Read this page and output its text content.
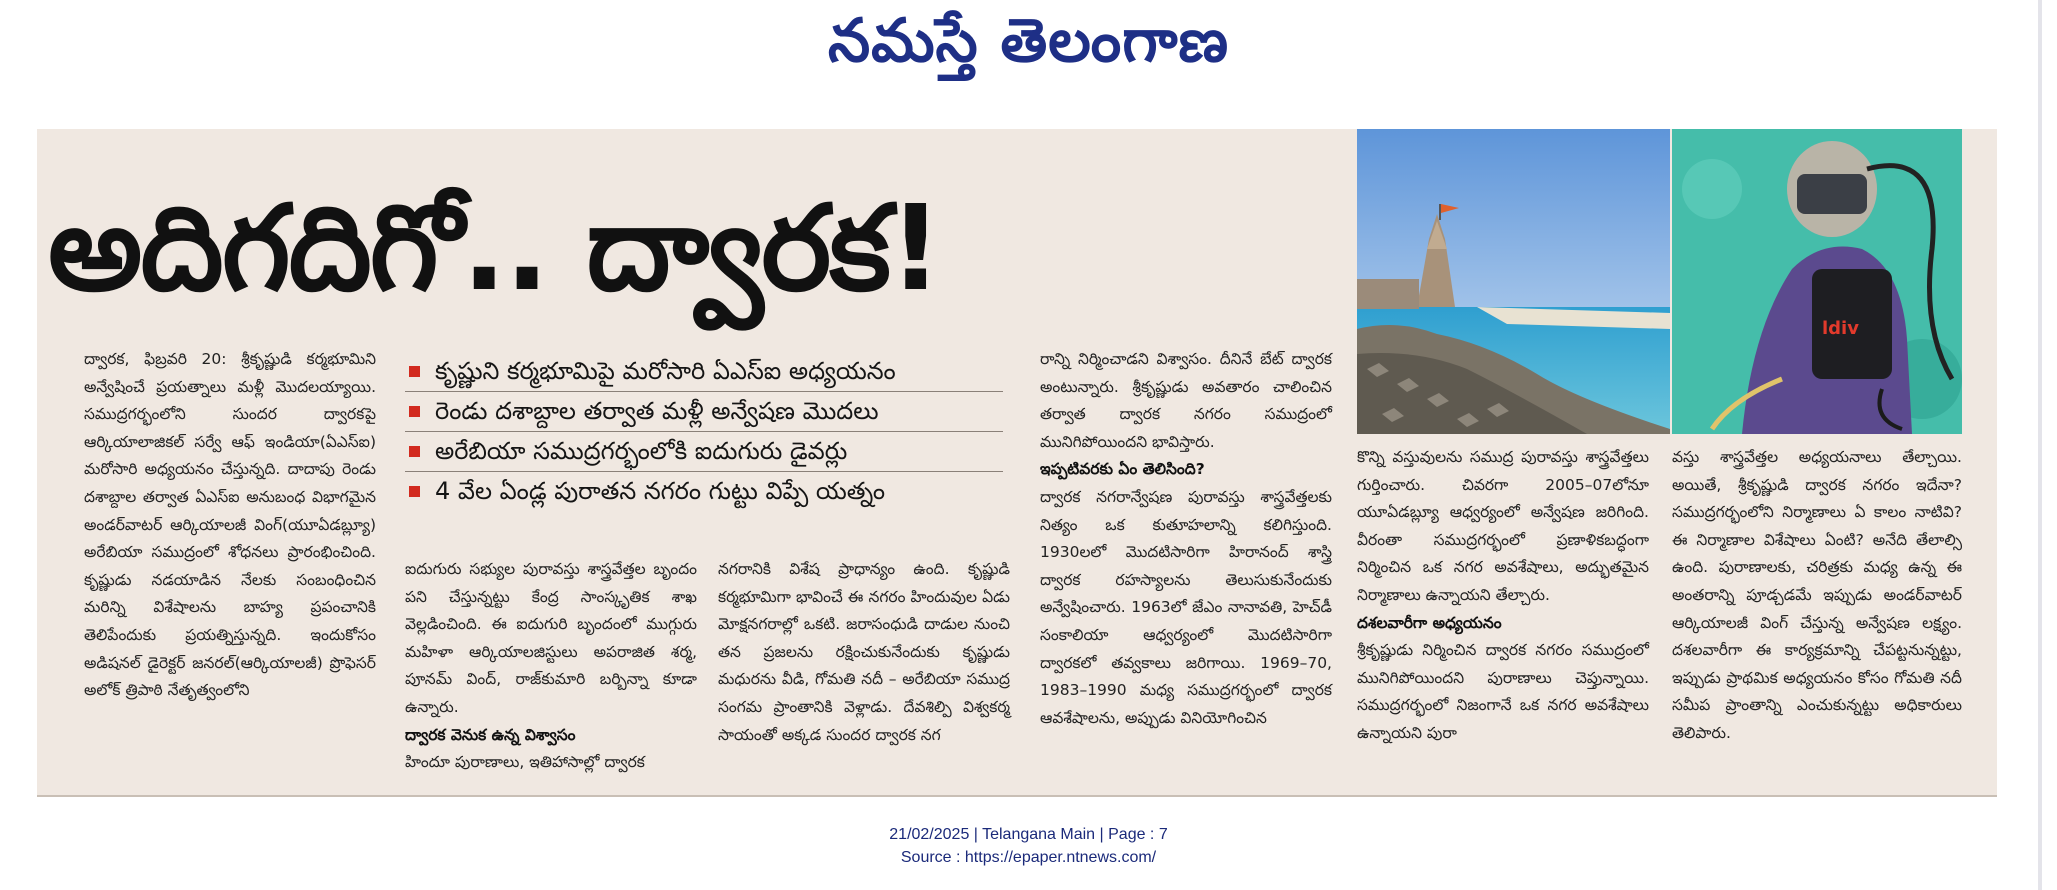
నమస్తే తెలంగాణ
అదిగదిగో.. ద్వారక!
ldiv

ద్వారక, ఫిబ్రవరి 20: శ్రీకృష్ణుడి కర్మభూమిని అన్వేషించే ప్రయత్నాలు మళ్లీ మొదలయ్యాయి. సముద్రగర్భంలోని సుందర ద్వారకపై ఆర్కియాలాజికల్ సర్వే ఆఫ్ ఇండియా(ఏఎస్‌ఐ) మరోసారి అధ్యయనం చేస్తున్నది. దాదాపు రెండు దశాబ్దాల తర్వాత ఏఎస్‌ఐ అనుబంధ విభాగమైన అండర్‌వాటర్ ఆర్కియాలజీ వింగ్(యూఏడబ్ల్యూ) అరేబియా సముద్రంలో శోధనలు ప్రారంభించింది. కృష్ణుడు నడయాడిన నేలకు సంబంధించిన మరిన్ని విశేషాలను బాహ్య ప్రపంచానికి తెలిపేందుకు ప్రయత్నిస్తున్నది. ఇందుకోసం అడిషనల్ డైరెక్టర్ జనరల్(ఆర్కియాలజీ) ప్రొఫెసర్ అలోక్ త్రిపాఠి నేతృత్వంలోని

కృష్ణుని కర్మభూమిపై మరోసారి ఏఎస్‌ఐ అధ్యయనం
రెండు దశాబ్దాల తర్వాత మళ్లీ అన్వేషణ మొదలు
అరేబియా సముద్రగర్భంలోకి ఐదుగురు డైవర్లు
4 వేల ఏండ్ల పురాతన నగరం గుట్టు విప్పే యత్నం

ఐదుగురు సభ్యుల పురావస్తు శాస్త్రవేత్తల బృందం పని చేస్తున్నట్టు కేంద్ర సాంస్కృతిక శాఖ వెల్లడించింది. ఈ ఐదుగురి బృందంలో ముగ్గురు మహిళా ఆర్కియాలజిస్టులు అపరాజిత శర్మ, పూనమ్ వింద్, రాజ్‌కుమారి బర్బిన్నా కూడా ఉన్నారు.

ద్వారక వెనుక ఉన్న విశ్వాసం

హిందూ పురాణాలు, ఇతిహాసాల్లో ద్వారక

నగరానికి విశేష ప్రాధాన్యం ఉంది. కృష్ణుడి కర్మభూమిగా భావించే ఈ నగరం హిందువుల ఏడు మోక్షనగరాల్లో ఒకటి. జరాసంధుడి దాడుల నుంచి తన ప్రజలను రక్షించుకునేందుకు కృష్ణుడు మధురను వీడి, గోమతి నదీ – అరేబియా సముద్ర సంగమ ప్రాంతానికి వెళ్లాడు. దేవశిల్పి విశ్వకర్మ సాయంతో అక్కడ సుందర ద్వారక నగ

రాన్ని నిర్మించాడని విశ్వాసం. దీనినే బేట్ ద్వారక అంటున్నారు. శ్రీకృష్ణుడు అవతారం చాలించిన తర్వాత ద్వారక నగరం సముద్రంలో మునిగిపోయిందని భావిస్తారు.

ఇప్పటివరకు ఏం తెలిసింది?

ద్వారక నగరాన్వేషణ పురావస్తు శాస్త్రవేత్తలకు నిత్యం ఒక కుతూహలాన్ని కలిగిస్తుంది. 1930లలో మొదటిసారిగా హిరానంద్ శాస్త్రి ద్వారక రహస్యాలను తెలుసుకునేందుకు అన్వేషించారు. 1963లో జేఎం నానావతి, హెచ్‌డీ సంకాలియా ఆధ్వర్యంలో మొదటిసారిగా ద్వారకలో తవ్వకాలు జరిగాయి. 1969–70, 1983–1990 మధ్య సముద్రగర్భంలో ద్వారక ఆవశేషాలను, అప్పుడు వినియోగించిన

కొన్ని వస్తువులను సముద్ర పురావస్తు శాస్త్రవేత్తలు గుర్తించారు. చివరగా 2005–07లోనూ యూఏడబ్ల్యూ ఆధ్వర్యంలో అన్వేషణ జరిగింది. వీరంతా సముద్రగర్భంలో ప్రణాళికబద్ధంగా నిర్మించిన ఒక నగర అవశేషాలు, అద్భుతమైన నిర్మాణాలు ఉన్నాయని తేల్చారు.

దశలవారీగా అధ్యయనం

శ్రీకృష్ణుడు నిర్మించిన ద్వారక నగరం సముద్రంలో మునిగిపోయిందని పురాణాలు చెప్తున్నాయి. సముద్రగర్భంలో నిజంగానే ఒక నగర అవశేషాలు ఉన్నాయని పురా

వస్తు శాస్త్రవేత్తల అధ్యయనాలు తేల్చాయి. అయితే, శ్రీకృష్ణుడి ద్వారక నగరం ఇదేనా? సముద్రగర్భంలోని నిర్మాణాలు ఏ కాలం నాటివి? ఈ నిర్మాణాల విశేషాలు ఏంటి? అనేది తేలాల్సి ఉంది. పురాణాలకు, చరిత్రకు మధ్య ఉన్న ఈ అంతరాన్ని పూడ్చడమే ఇప్పుడు అండర్‌వాటర్ ఆర్కియాలజీ వింగ్ చేస్తున్న అన్వేషణ లక్ష్యం. దశలవారీగా ఈ కార్యక్రమాన్ని చేపట్టనున్నట్టు, ఇప్పుడు ప్రాథమిక అధ్యయనం కోసం గోమతి నదీ సమీప ప్రాంతాన్ని ఎంచుకున్నట్టు అధికారులు తెలిపారు.

21/02/2025 | Telangana Main | Page : 7
Source : https://epaper.ntnews.com/
